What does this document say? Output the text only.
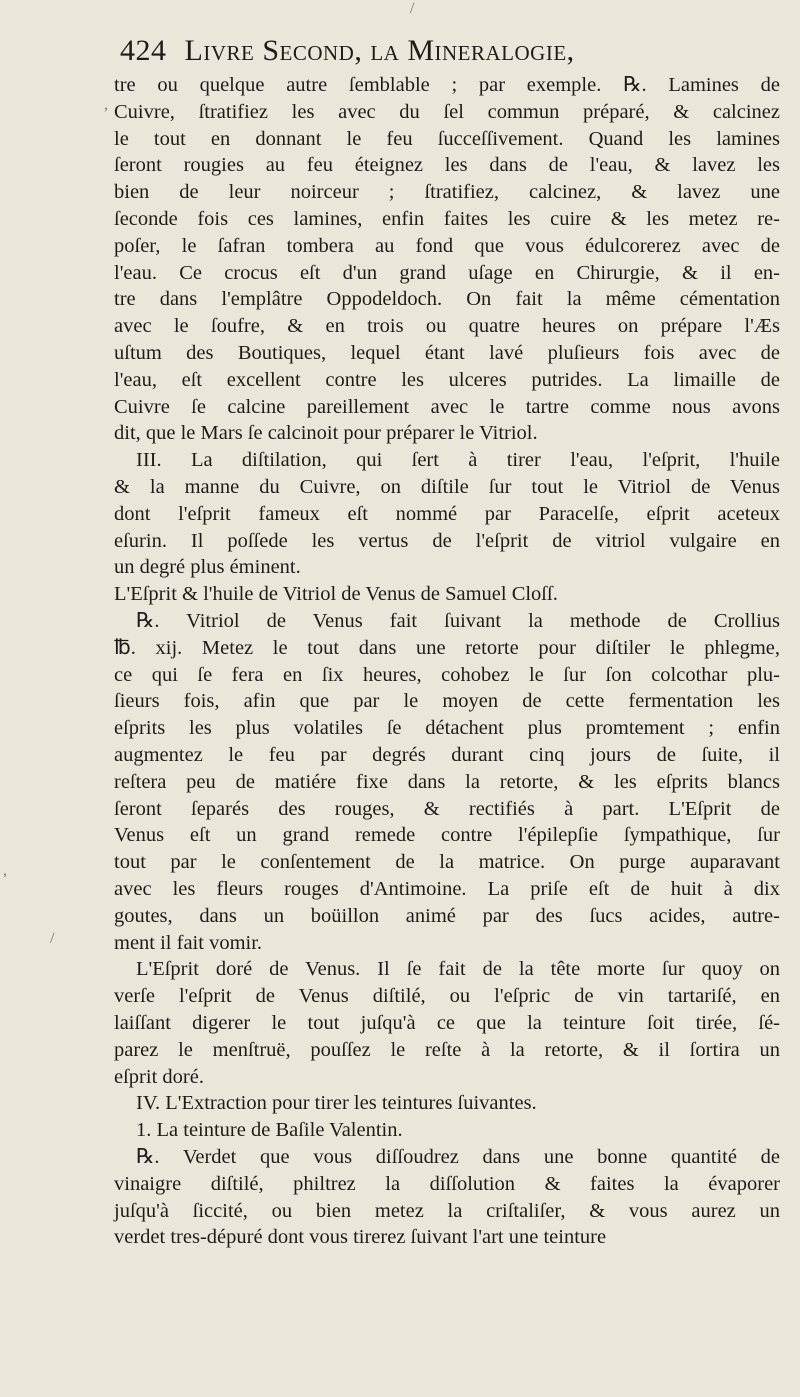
/
,
,
/
424 Livre Second, la Mineralogie,
tre ou quelque autre ſemblable ; par exemple. ℞. Lamines de
Cuivre, ſtratifiez les avec du ſel commun préparé, & calcinez
le tout en donnant le feu ſucceſſivement. Quand les lamines
ſeront rougies au feu éteignez les dans de l'eau, & lavez les
bien de leur noirceur ; ſtratifiez, calcinez, & lavez une
ſeconde fois ces lamines, enfin faites les cuire & les metez re-
poſer, le ſafran tombera au fond que vous édulcorerez avec de
l'eau. Ce crocus eſt d'un grand uſage en Chirurgie, & il en-
tre dans l'emplâtre Oppodeldoch. On fait la même cémentation
avec le ſoufre, & en trois ou quatre heures on prépare l'Æs
uſtum des Boutiques, lequel étant lavé pluſieurs fois avec de
l'eau, eſt excellent contre les ulceres putrides. La limaille de
Cuivre ſe calcine pareillement avec le tartre comme nous avons
dit, que le Mars ſe calcinoit pour préparer le Vitriol.
III. La diſtilation, qui ſert à tirer l'eau, l'eſprit, l'huile
& la manne du Cuivre, on diſtile ſur tout le Vitriol de Venus
dont l'eſprit fameux eſt nommé par Paracelſe, eſprit aceteux
eſurin. Il poſſede les vertus de l'eſprit de vitriol vulgaire en
un degré plus éminent.
L'Eſprit & l'huile de Vitriol de Venus de Samuel Cloſſ.
℞. Vitriol de Venus fait ſuivant la methode de Crollius
℔. xij. Metez le tout dans une retorte pour diſtiler le phlegme,
ce qui ſe fera en ſix heures, cohobez le ſur ſon colcothar plu-
ſieurs fois, afin que par le moyen de cette fermentation les
eſprits les plus volatiles ſe détachent plus promtement ; enfin
augmentez le feu par degrés durant cinq jours de ſuite, il
reſtera peu de matiére fixe dans la retorte, & les eſprits blancs
ſeront ſeparés des rouges, & rectifiés à part. L'Eſprit de
Venus eſt un grand remede contre l'épilepſie ſympathique, ſur
tout par le conſentement de la matrice. On purge auparavant
avec les fleurs rouges d'Antimoine. La priſe eſt de huit à dix
goutes, dans un boüillon animé par des ſucs acides, autre-
ment il fait vomir.
L'Eſprit doré de Venus. Il ſe fait de la tête morte ſur quoy on
verſe l'eſprit de Venus diſtilé, ou l'eſpric de vin tartariſé, en
laiſſant digerer le tout juſqu'à ce que la teinture ſoit tirée, ſé-
parez le menſtruë, pouſſez le reſte à la retorte, & il ſortira un
eſprit doré.
IV. L'Extraction pour tirer les teintures ſuivantes.
1. La teinture de Baſile Valentin.
℞. Verdet que vous diſſoudrez dans une bonne quantité de
vinaigre diſtilé, philtrez la diſſolution & faites la évaporer
juſqu'à ſiccité, ou bien metez la criſtaliſer, & vous aurez un
verdet tres-dépuré dont vous tirerez ſuivant l'art une teinture
